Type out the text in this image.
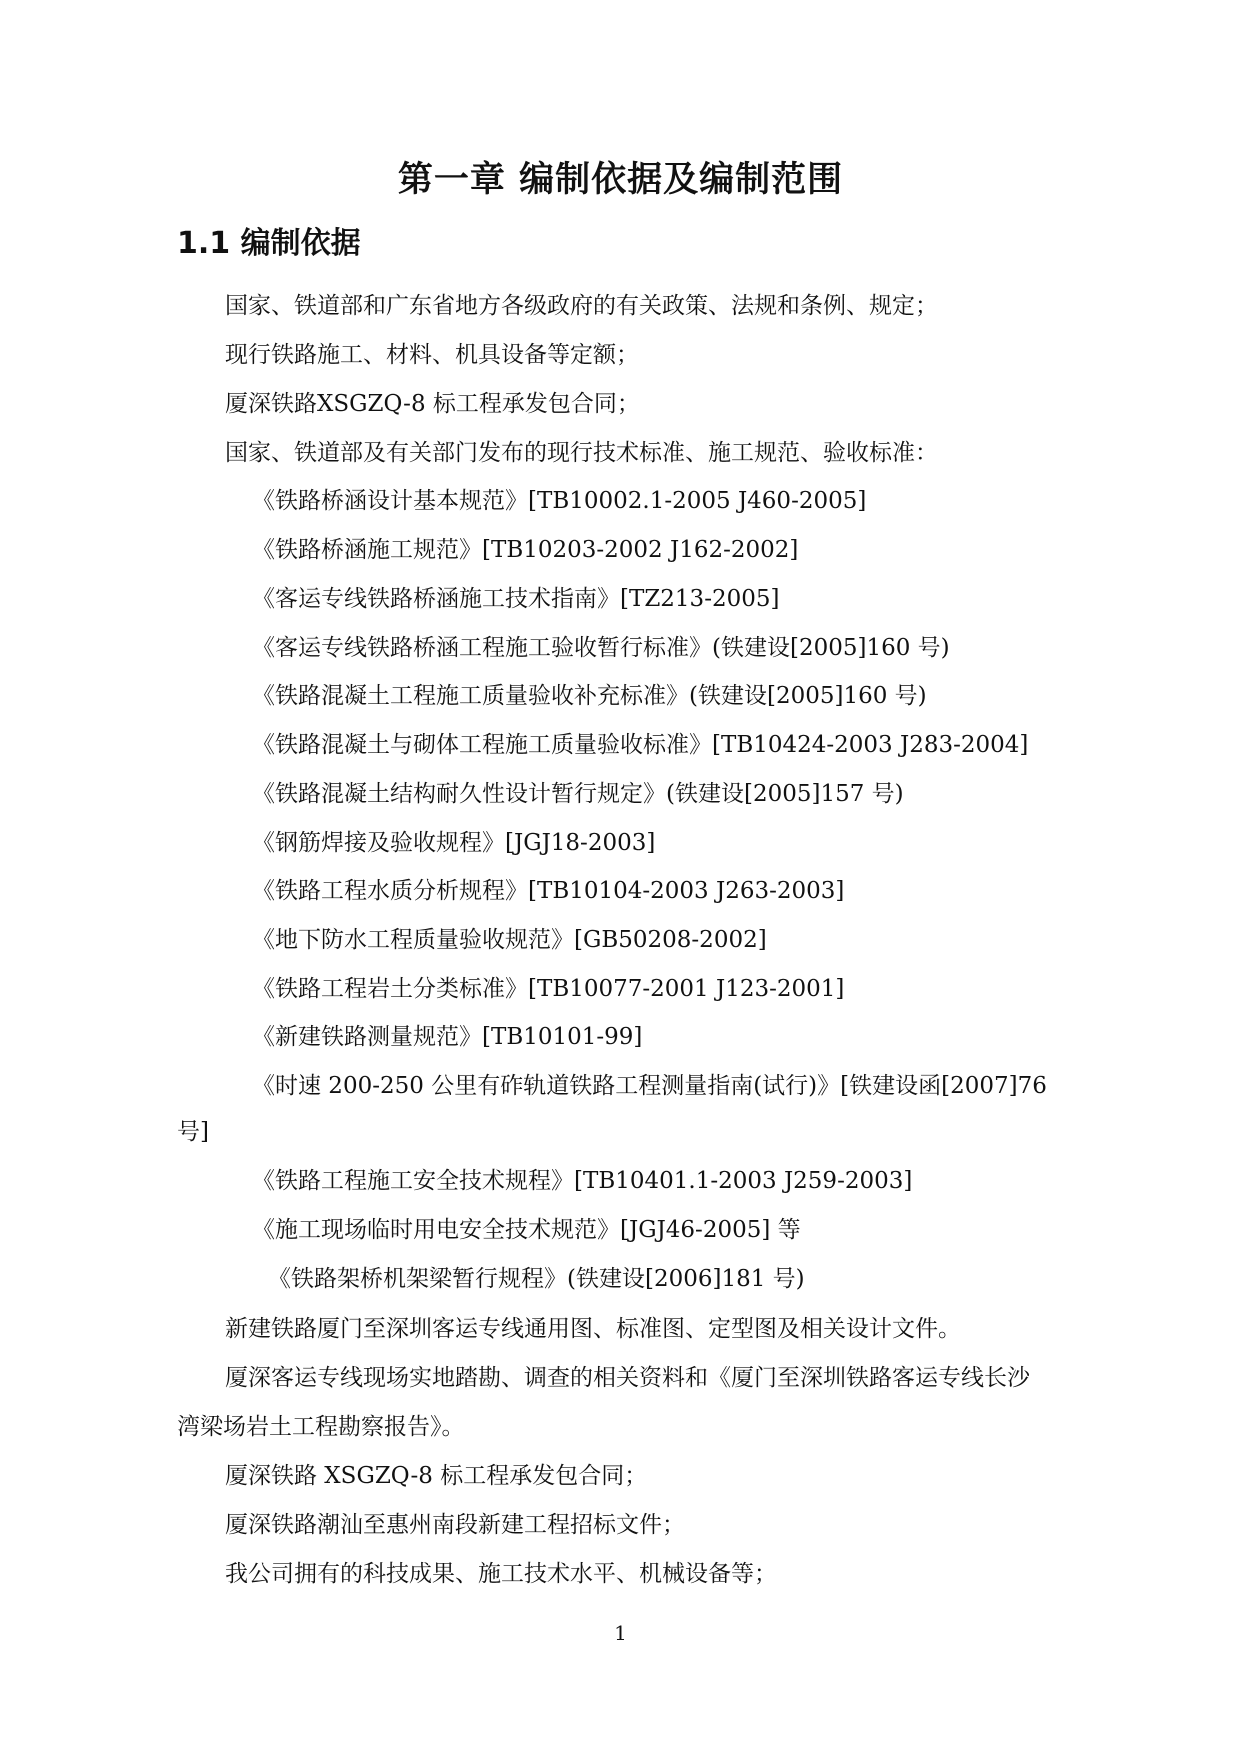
第一章 编制依据及编制范围
1.1 编制依据

国家、铁道部和广东省地方各级政府的有关政策、法规和条例、规定；

现行铁路施工、材料、机具设备等定额；

厦深铁路XSGZQ-8 标工程承发包合同；

国家、铁道部及有关部门发布的现行技术标准、施工规范、验收标准：

《铁路桥涵设计基本规范》[TB10002.1-2005 J460-2005]

《铁路桥涵施工规范》[TB10203-2002 J162-2002]

《客运专线铁路桥涵施工技术指南》[TZ213-2005]

《客运专线铁路桥涵工程施工验收暂行标准》(铁建设[2005]160 号)

《铁路混凝土工程施工质量验收补充标准》(铁建设[2005]160 号)

《铁路混凝土与砌体工程施工质量验收标准》[TB10424-2003 J283-2004]

《铁路混凝土结构耐久性设计暂行规定》(铁建设[2005]157 号)

《钢筋焊接及验收规程》[JGJ18-2003]

《铁路工程水质分析规程》[TB10104-2003 J263-2003]

《地下防水工程质量验收规范》[GB50208-2002]

《铁路工程岩土分类标准》[TB10077-2001 J123-2001]

《新建铁路测量规范》[TB10101-99]

《时速 200-250 公里有砟轨道铁路工程测量指南(试行)》[铁建设函[2007]76

号]

《铁路工程施工安全技术规程》[TB10401.1-2003 J259-2003]

《施工现场临时用电安全技术规范》[JGJ46-2005] 等

《铁路架桥机架梁暂行规程》(铁建设[2006]181 号)

新建铁路厦门至深圳客运专线通用图、标准图、定型图及相关设计文件。

厦深客运专线现场实地踏勘、调查的相关资料和《厦门至深圳铁路客运专线长沙

湾梁场岩土工程勘察报告》。

厦深铁路 XSGZQ-8 标工程承发包合同；

厦深铁路潮汕至惠州南段新建工程招标文件；

我公司拥有的科技成果、施工技术水平、机械设备等；

1
